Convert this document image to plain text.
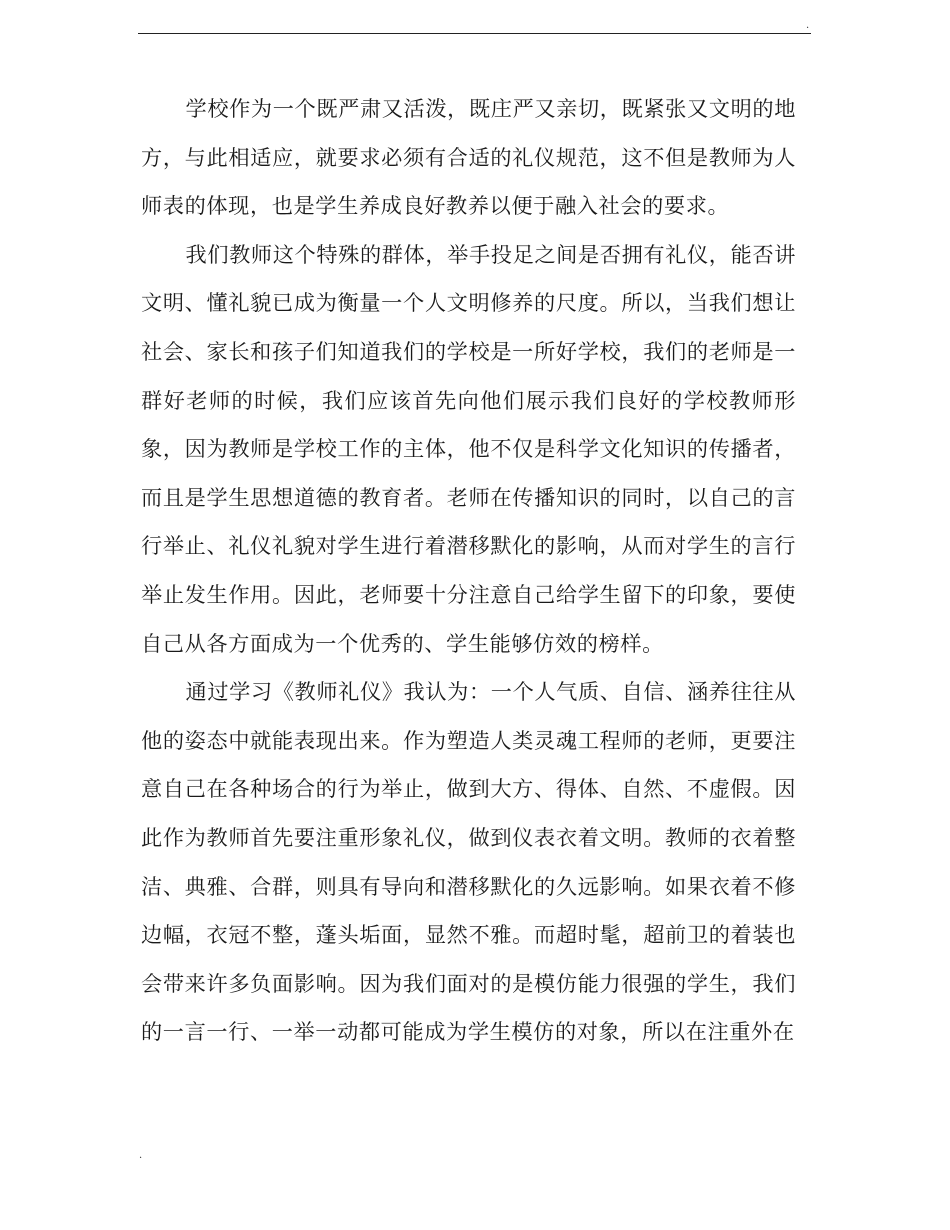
.

学校作为一个既严肃又活泼，既庄严又亲切，既紧张又文明的地方，与此相适应，就要求必须有合适的礼仪规范，这不但是教师为人师表的体现，也是学生养成良好教养以便于融入社会的要求。

我们教师这个特殊的群体，举手投足之间是否拥有礼仪，能否讲文明、懂礼貌已成为衡量一个人文明修养的尺度。所以，当我们想让社会、家长和孩子们知道我们的学校是一所好学校，我们的老师是一群好老师的时候，我们应该首先向他们展示我们良好的学校教师形象，因为教师是学校工作的主体，他不仅是科学文化知识的传播者，而且是学生思想道德的教育者。老师在传播知识的同时，以自己的言行举止、礼仪礼貌对学生进行着潜移默化的影响，从而对学生的言行举止发生作用。因此，老师要十分注意自己给学生留下的印象，要使自己从各方面成为一个优秀的、学生能够仿效的榜样。

通过学习《教师礼仪》我认为：一个人气质、自信、涵养往往从他的姿态中就能表现出来。作为塑造人类灵魂工程师的老师，更要注意自己在各种场合的行为举止，做到大方、得体、自然、不虚假。因此作为教师首先要注重形象礼仪，做到仪表衣着文明。教师的衣着整洁、典雅、合群，则具有导向和潜移默化的久远影响。如果衣着不修边幅，衣冠不整，蓬头垢面，显然不雅。而超时髦，超前卫的着装也会带来许多负面影响。因为我们面对的是模仿能力很强的学生，我们的一言一行、一举一动都可能成为学生模仿的对象，所以在注重外在

.
